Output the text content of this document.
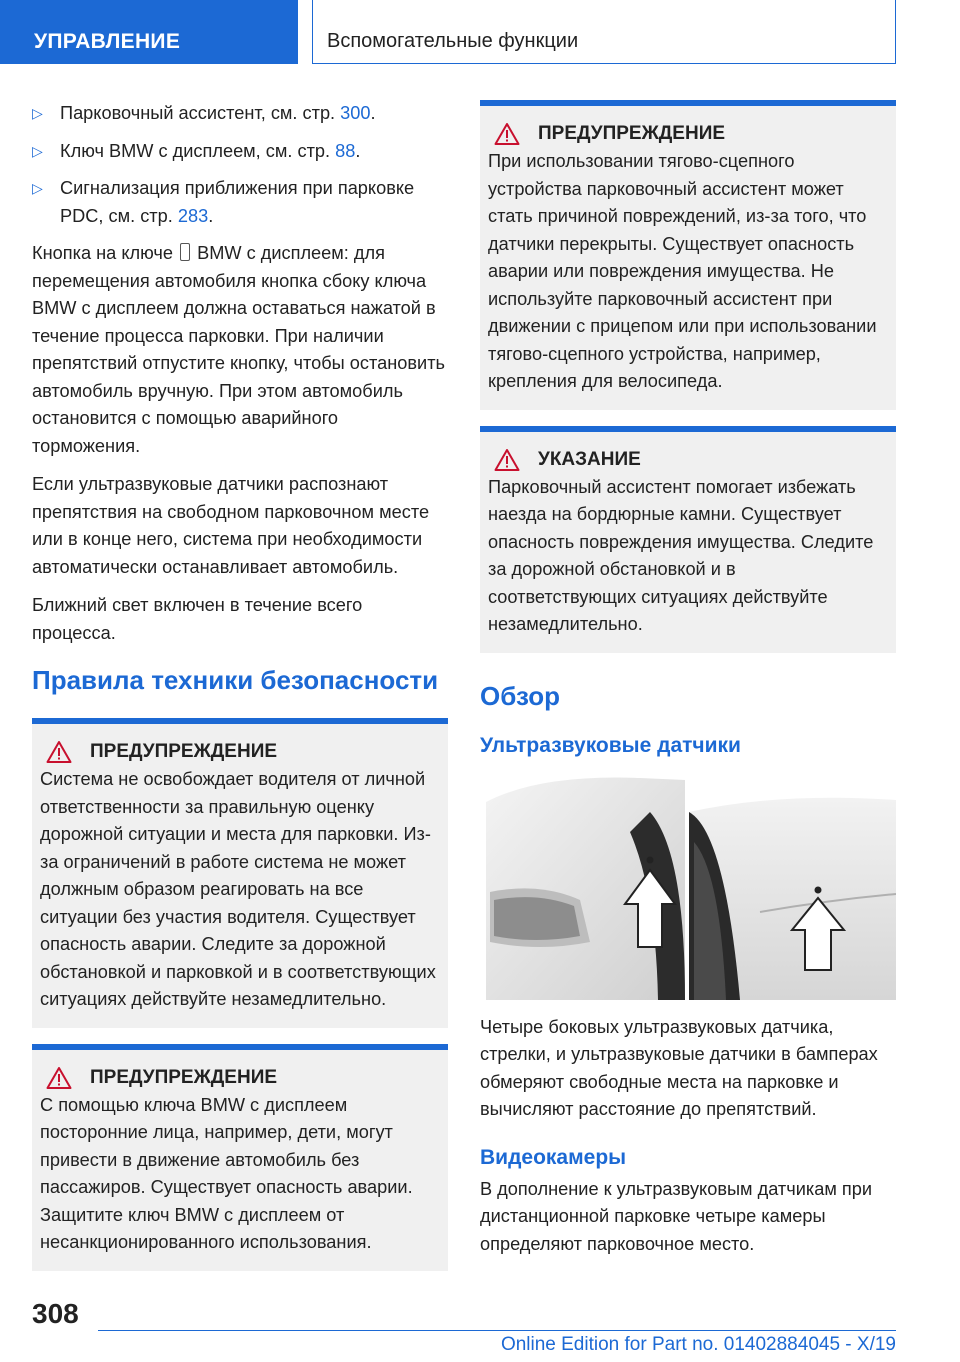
УПРАВЛЕНИЕ	Вспомогательные функции
▷ Парковочный ассистент, см. стр. 300.
▷ Ключ BMW с дисплеем, см. стр. 88.
▷ Сигнализация приближения при парковке PDC, см. стр. 283.

Кнопка на ключе BMW с дисплеем: для перемещения автомобиля кнопка сбоку ключа BMW с дисплеем должна оставаться нажатой в течение процесса парковки. При наличии препятствий отпустите кнопку, чтобы остановить автомобиль вручную. При этом автомобиль остановится с помощью аварийного торможения.

Если ультразвуковые датчики распознают препятствия на свободном парковочном месте или в конце него, система при необходимости автоматически останавливает автомобиль.

Ближний свет включен в течение всего процесса.

Правила техники безопасности
ПРЕДУПРЕЖДЕНИЕ

Система не освобождает водителя от личной ответственности за правильную оценку дорожной ситуации и места для парковки. Из-за ограничений в работе система не может должным образом реагировать на все ситуации без участия водителя. Существует опасность аварии. Следите за дорожной обстановкой и парковкой и в соответствующих ситуациях действуйте незамедлительно.

ПРЕДУПРЕЖДЕНИЕ

С помощью ключа BMW с дисплеем посторонние лица, например, дети, могут привести в движение автомобиль без пассажиров. Существует опасность аварии. Защитите ключ BMW с дисплеем от несанкционированного использования.

ПРЕДУПРЕЖДЕНИЕ

При использовании тягово-сцепного устройства парковочный ассистент может стать причиной повреждений, из-за того, что датчики перекрыты. Существует опасность аварии или повреждения имущества. Не используйте парковочный ассистент при движении с прицепом или при использовании тягово-сцепного устройства, например, крепления для велосипеда.

УКАЗАНИЕ

Парковочный ассистент помогает избежать наезда на бордюрные камни. Существует опасность повреждения имущества. Следите за дорожной обстановкой и в соответствующих ситуациях действуйте незамедлительно.

Обзор
Ультразвуковые датчики

Четыре боковых ультразвуковых датчика, стрелки, и ультразвуковые датчики в бамперах обмеряют свободные места на парковке и вычисляют расстояние до препятствий.

Видеокамеры

В дополнение к ультразвуковым датчикам при дистанционной парковке четыре камеры определяют парковочное место.

308
Online Edition for Part no. 01402884045 - X/19
